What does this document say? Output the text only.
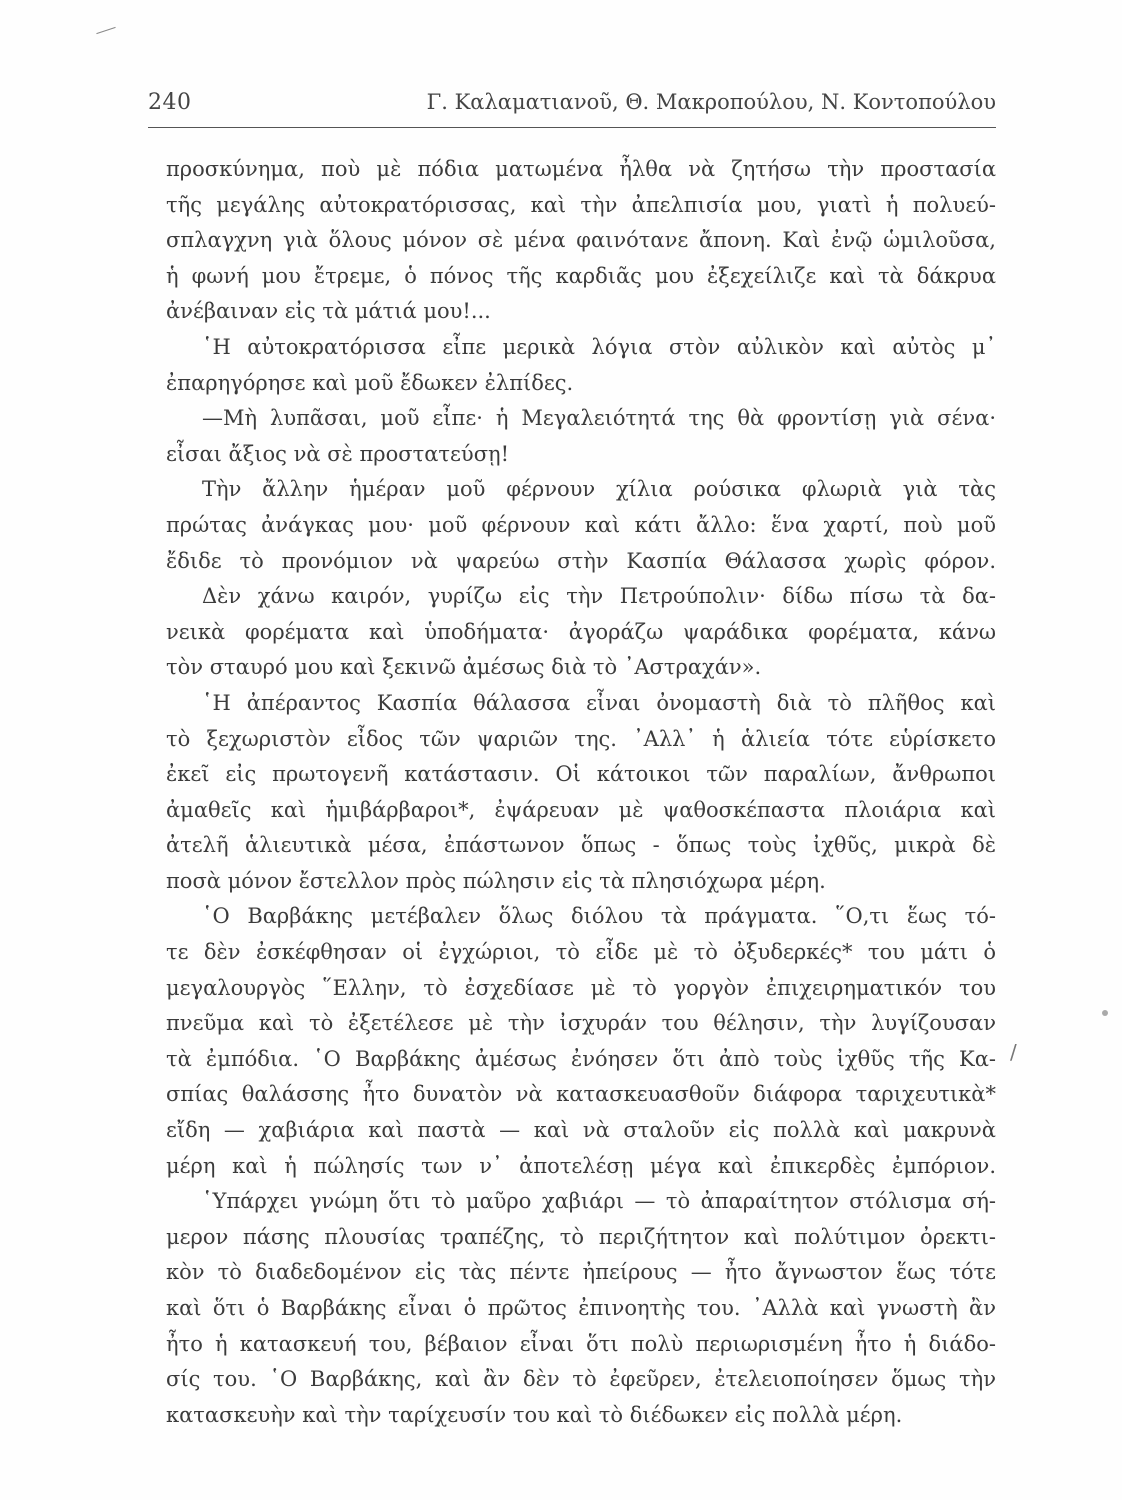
240	Γ. Καλαματιανοῦ, Θ. Μακροπούλου, Ν. Κοντοπούλου
προσκύνημα, ποὺ μὲ πόδια ματωμένα ἦλθα νὰ ζητήσω τὴν προστασία
τῆς μεγάλης αὐτοκρατόρισσας, καὶ τὴν ἀπελπισία μου, γιατὶ ἡ πολυεύ-
σπλαγχνη γιὰ ὅλους μόνον σὲ μένα φαινότανε ἄπονη. Καὶ ἐνῷ ὡμιλοῦσα,
ἡ φωνή μου ἔτρεμε, ὁ πόνος τῆς καρδιᾶς μου ἐξεχείλιζε καὶ τὰ δάκρυα
ἀνέβαιναν εἰς τὰ μάτιά μου!...
῾Η αὐτοκρατόρισσα εἶπε μερικὰ λόγια στὸν αὐλικὸν καὶ αὐτὸς μ᾽
ἐπαρηγόρησε καὶ μοῦ ἔδωκεν ἐλπίδες.
—Μὴ λυπᾶσαι, μοῦ εἶπε· ἡ Μεγαλειότητά της θὰ φροντίσῃ γιὰ σένα·
εἶσαι ἄξιος νὰ σὲ προστατεύσῃ!
Τὴν ἄλλην ἡμέραν μοῦ φέρνουν χίλια ρούσικα φλωριὰ γιὰ τὰς
πρώτας ἀνάγκας μου· μοῦ φέρνουν καὶ κάτι ἄλλο: ἕνα χαρτί, ποὺ μοῦ
ἔδιδε τὸ προνόμιον νὰ ψαρεύω στὴν Κασπία Θάλασσα χωρὶς φόρον.
Δὲν χάνω καιρόν, γυρίζω εἰς τὴν Πετρούπολιν· δίδω πίσω τὰ δα-
νεικὰ φορέματα καὶ ὑποδήματα· ἀγοράζω ψαράδικα φορέματα, κάνω
τὸν σταυρό μου καὶ ξεκινῶ ἀμέσως διὰ τὸ ᾿Αστραχάν».
῾Η ἀπέραντος Κασπία θάλασσα εἶναι ὀνομαστὴ διὰ τὸ πλῆθος καὶ
τὸ ξεχωριστὸν εἶδος τῶν ψαριῶν της. ᾿Αλλ᾽ ἡ ἁλιεία τότε εὑρίσκετο
ἐκεῖ εἰς πρωτογενῆ κατάστασιν. Οἱ κάτοικοι τῶν παραλίων, ἄνθρωποι
ἀμαθεῖς καὶ ἡμιβάρβαροι*, ἐψάρευαν μὲ ψαθοσκέπαστα πλοιάρια καὶ
ἀτελῆ ἁλιευτικὰ μέσα, ἐπάστωνον ὅπως - ὅπως τοὺς ἰχθῦς, μικρὰ δὲ
ποσὰ μόνον ἔστελλον πρὸς πώλησιν εἰς τὰ πλησιόχωρα μέρη.
῾Ο Βαρβάκης μετέβαλεν ὅλως διόλου τὰ πράγματα. ῞Ο,τι ἕως τό-
τε δὲν ἐσκέφθησαν οἱ ἐγχώριοι, τὸ εἶδε μὲ τὸ ὀξυδερκές* του μάτι ὁ
μεγαλουργὸς ῞Ελλην, τὸ ἐσχεδίασε μὲ τὸ γοργὸν ἐπιχειρηματικόν του
πνεῦμα καὶ τὸ ἐξετέλεσε μὲ τὴν ἰσχυράν του θέλησιν, τὴν λυγίζουσαν
τὰ ἐμπόδια. ῾Ο Βαρβάκης ἀμέσως ἐνόησεν ὅτι ἀπὸ τοὺς ἰχθῦς τῆς Κα-
σπίας θαλάσσης ἦτο δυνατὸν νὰ κατασκευασθοῦν διάφορα ταριχευτικὰ*
εἴδη — χαβιάρια καὶ παστὰ — καὶ νὰ σταλοῦν εἰς πολλὰ καὶ μακρυνὰ
μέρη καὶ ἡ πώλησίς των ν᾽ ἀποτελέσῃ μέγα καὶ ἐπικερδὲς ἐμπόριον.
῾Υπάρχει γνώμη ὅτι τὸ μαῦρο χαβιάρι — τὸ ἀπαραίτητον στόλισμα σή-
μερον πάσης πλουσίας τραπέζης, τὸ περιζήτητον καὶ πολύτιμον ὀρεκτι-
κὸν τὸ διαδεδομένον εἰς τὰς πέντε ἠπείρους — ἦτο ἄγνωστον ἕως τότε
καὶ ὅτι ὁ Βαρβάκης εἶναι ὁ πρῶτος ἐπινοητὴς του. ᾿Αλλὰ καὶ γνωστὴ ἂν
ἦτο ἡ κατασκευή του, βέβαιον εἶναι ὅτι πολὺ περιωρισμένη ἦτο ἡ διάδο-
σίς του. ῾Ο Βαρβάκης, καὶ ἂν δὲν τὸ ἐφεῦρεν, ἐτελειοποίησεν ὅμως τὴν
κατασκευὴν καὶ τὴν ταρίχευσίν του καὶ τὸ διέδωκεν εἰς πολλὰ μέρη.
/
